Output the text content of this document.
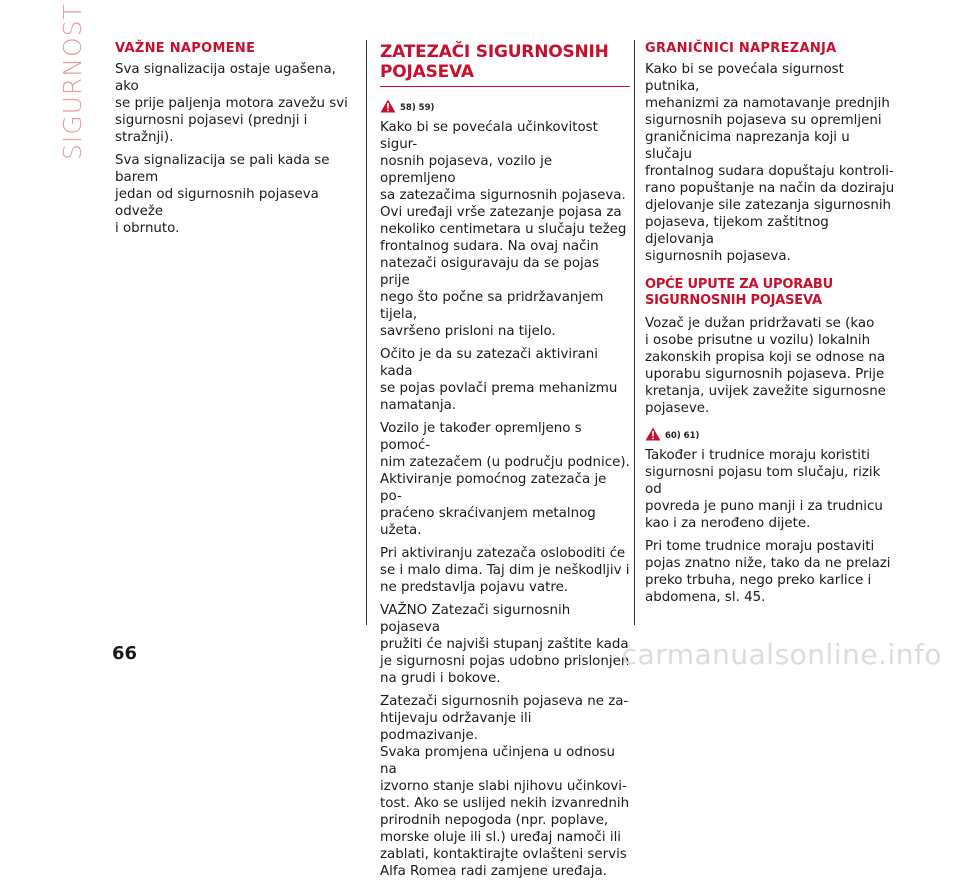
SIGURNOST VAŽNE NAPOMENE

Sva signalizacija ostaje ugašena, ako
se prije paljenja motora zavežu svi
sigurnosni pojasevi (prednji i stražnji).

Sva signalizacija se pali kada se barem
jedan od sigurnosnih pojaseva odveže
i obrnuto.

ZATEZAČI SIGURNOSNIH
POJASEVA
58) 59)

Kako bi se povećala učinkovitost sigur-
nosnih pojaseva, vozilo je opremljeno
sa zatezačima sigurnosnih pojaseva.
Ovi uređaji vrše zatezanje pojasa za
nekoliko centimetara u slučaju težeg
frontalnog sudara. Na ovaj način
natezači osiguravaju da se pojas prije
nego što počne sa pridržavanjem tijela,
savršeno prisloni na tijelo.

Očito je da su zatezači aktivirani kada
se pojas povlači prema mehanizmu
namatanja.

Vozilo je također opremljeno s pomoć-
nim zatezačem (u području podnice).
Aktiviranje pomoćnog zatezača je po-
praćeno skraćivanjem metalnog užeta.

Pri aktiviranju zatezača osloboditi će
se i malo dima. Taj dim je neškodljiv i
ne predstavlja pojavu vatre.

VAŽNO Zatezači sigurnosnih pojaseva
pružiti će najviši stupanj zaštite kada
je sigurnosni pojas udobno prislonjen
na grudi i bokove.

Zatezači sigurnosnih pojaseva ne za-
htijevaju održavanje ili podmazivanje.
Svaka promjena učinjena u odnosu na
izvorno stanje slabi njihovu učinkovi-
tost. Ako se uslijed nekih izvanrednih
prirodnih nepogoda (npr. poplave,
morske oluje ili sl.) uređaj namoči ili
zablati, kontaktirajte ovlašteni servis
Alfa Romea radi zamjene uređaja.

GRANIČNICI NAPREZANJA

Kako bi se povećala sigurnost putnika,
mehanizmi za namotavanje prednjih
sigurnosnih pojaseva su opremljeni
graničnicima naprezanja koji u slučaju
frontalnog sudara dopuštaju kontroli-
rano popuštanje na način da doziraju
djelovanje sile zatezanja sigurnosnih
pojaseva, tijekom zaštitnog djelovanja
sigurnosnih pojaseva.

OPĆE UPUTE ZA UPORABU
SIGURNOSNIH POJASEVA

Vozač je dužan pridržavati se (kao
i osobe prisutne u vozilu) lokalnih
zakonskih propisa koji se odnose na
uporabu sigurnosnih pojaseva. Prije
kretanja, uvijek zavežite sigurnosne
pojaseve.

60) 61)

Također i trudnice moraju koristiti
sigurnosni pojasu tom slučaju, rizik od
povreda je puno manji i za trudnicu
kao i za nerođeno dijete.

Pri tome trudnice moraju postaviti
pojas znatno niže, tako da ne prelazi
preko trbuha, nego preko karlice i
abdomena, sl. 45.

66	carmanualsonline.info
